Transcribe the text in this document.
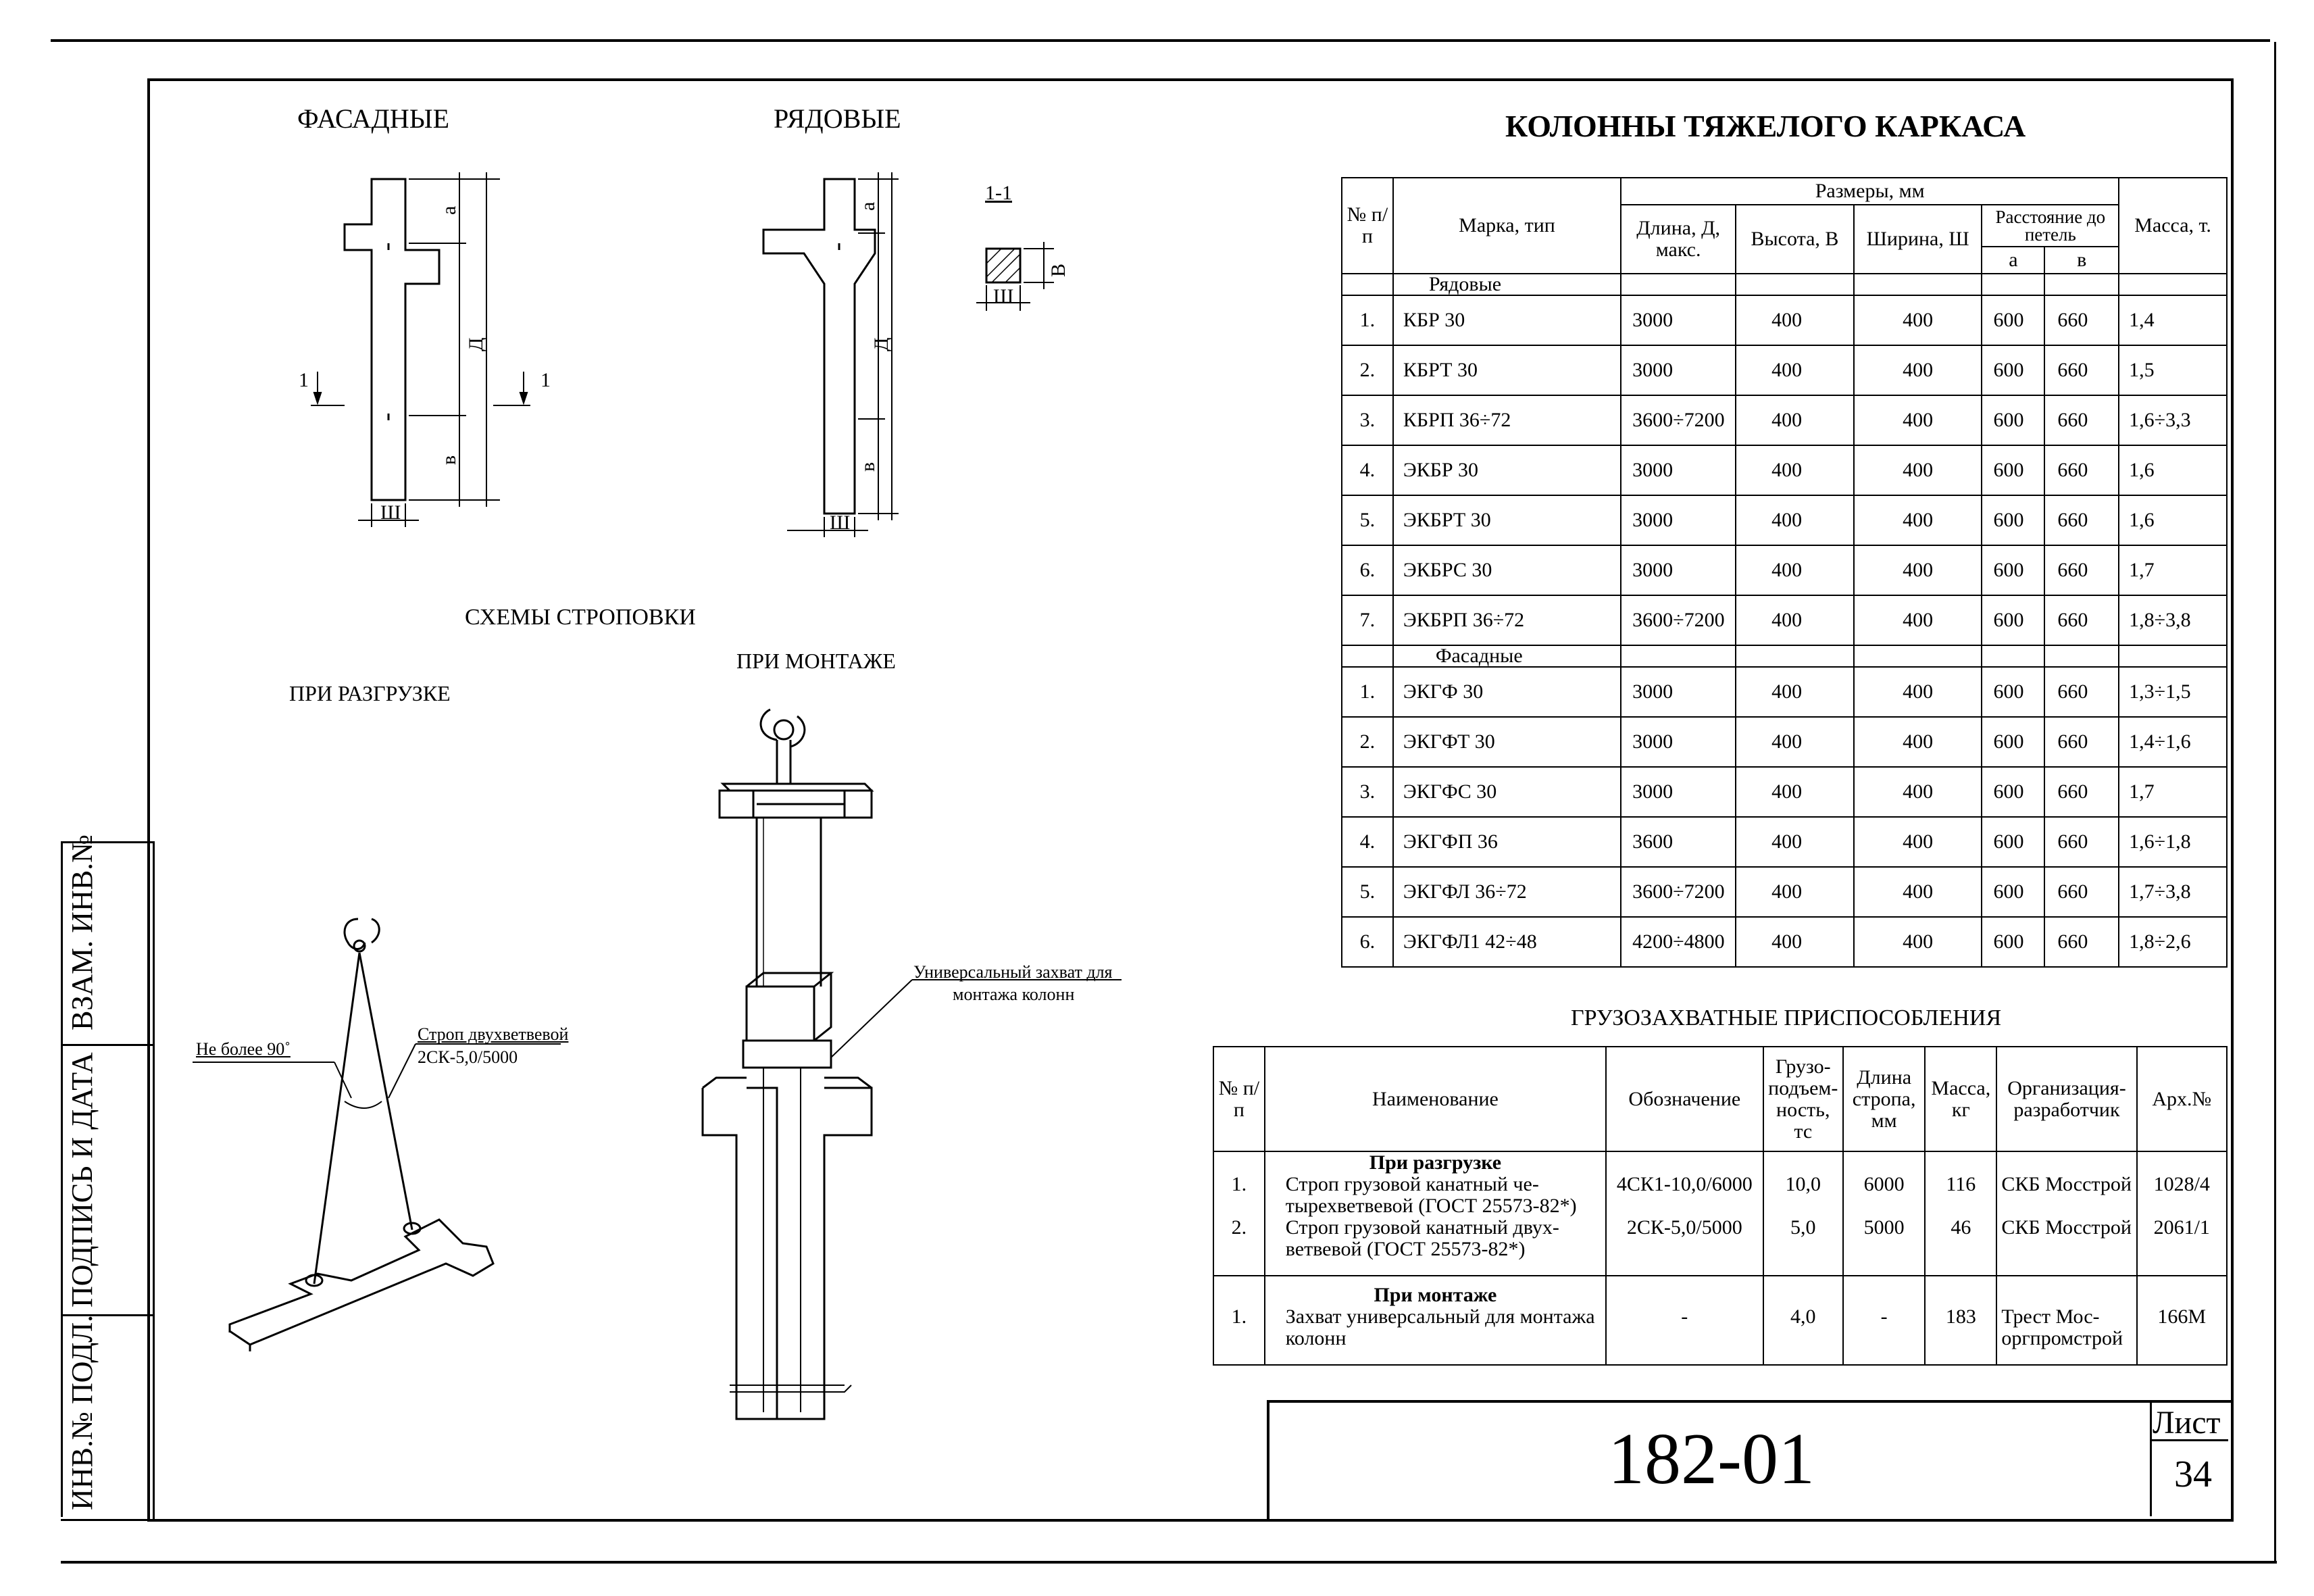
ВЗАМ. ИНВ.№
ПОДПИСЬ И ДАТА
ИНВ.№ ПОДЛ.
ФАСАДНЫЕ	РЯДОВЫЕ
СХЕМЫ СТРОПОВКИ
ПРИ РАЗГРУЗКЕ
ПРИ МОНТАЖЕ
а
Д
в
Ш
1	1
а
Д
в
Ш
1-1
В
Ш
Не более 90˚
Строп двухветвевой
2СК-5,0/5000
Универсальный захват для
монтажа колонн
КОЛОННЫ ТЯЖЕЛОГО КАРКАСА
№ п/п	Марка, тип	Размеры, мм					Масса, т.
		Длина, Д, макс.	Высота, В	Ширина, Ш	Расстояние до петель		
					а	в	
	Рядовые						
1.	КБР 30	3000	400	400	600	660	1,4
2.	КБРТ 30	3000	400	400	600	660	1,5
3.	КБРП 36÷72	3600÷7200	400	400	600	660	1,6÷3,3
4.	ЭКБР 30	3000	400	400	600	660	1,6
5.	ЭКБРТ 30	3000	400	400	600	660	1,6
6.	ЭКБРС 30	3000	400	400	600	660	1,7
7.	ЭКБРП 36÷72	3600÷7200	400	400	600	660	1,8÷3,8
	Фасадные						
1.	ЭКГФ 30	3000	400	400	600	660	1,3÷1,5
2.	ЭКГФТ 30	3000	400	400	600	660	1,4÷1,6
3.	ЭКГФС 30	3000	400	400	600	660	1,7
4.	ЭКГФП 36	3600	400	400	600	660	1,6÷1,8
5.	ЭКГФЛ 36÷72	3600÷7200	400	400	600	660	1,7÷3,8
6.	ЭКГФЛ1 42÷48	4200÷4800	400	400	600	660	1,8÷2,6
ГРУЗОЗАХВАТНЫЕ ПРИСПОСОБЛЕНИЯ
№ п/п	Наименование	Обозначение	Грузо- подъем- ность, тс	Длина стропа, мм	Масса, кг	Организация- разработчик	Арх.№
	При разгрузке						
1.	Строп грузовой канатный че- тырехветвевой (ГОСТ 25573-82*)	4СК1-10,0/6000	10,0	6000	116	СКБ Мосстрой	1028/4
2.	Строп грузовой канатный двух- ветвевой (ГОСТ 25573-82*)	2СК-5,0/5000	5,0	5000	46	СКБ Мосстрой	2061/1
	При монтаже						
1.	Захват универсальный для монтажа колонн	-	4,0	-	183	Трест Мос- оргпромстрой	166М
182-01	Лист
34
